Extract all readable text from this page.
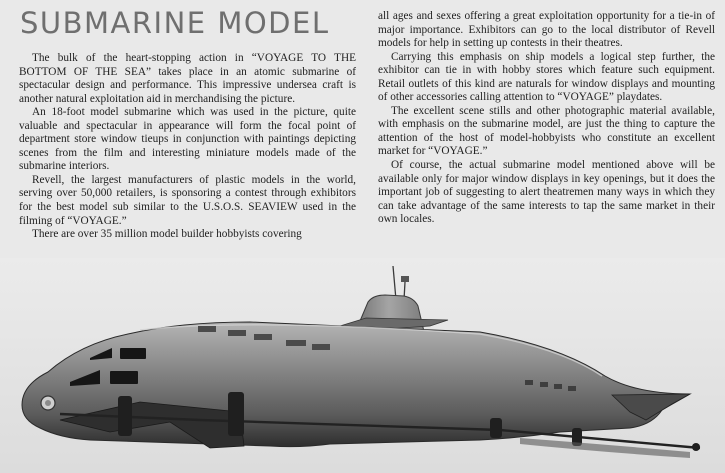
SUBMARINE MODEL

The bulk of the heart-stopping action in “VOYAGE TO THE BOTTOM OF THE SEA” takes place in an atomic submarine of spectacular design and performance. This impressive undersea craft is another natural exploitation aid in merchandising the picture.

An 18-foot model submarine which was used in the picture, quite valuable and spectacular in appearance will form the focal point of department store window tieups in conjunction with paintings depicting scenes from the film and interesting miniature models made of the submarine interiors.

Revell, the largest manufacturers of plastic models in the world, serving over 50,000 retailers, is sponsoring a contest through exhibitors for the best model sub similar to the U.S.O.S. SEAVIEW used in the filming of “VOYAGE.”

There are over 35 million model builder hobbyists covering

all ages and sexes offering a great exploitation opportunity for a tie-in of major importance. Exhibitors can go to the local distributor of Revell models for help in setting up contests in their theatres.

Carrying this emphasis on ship models a logical step further, the exhibitor can tie in with hobby stores which feature such equipment. Retail outlets of this kind are naturals for window displays and mounting of other accessories calling attention to “VOYAGE” playdates.

The excellent scene stills and other photographic material available, with emphasis on the submarine model, are just the thing to capture the attention of the host of model-hobbyists who constitute an excellent market for “VOYAGE.”

Of course, the actual submarine model mentioned above will be available only for major window displays in key openings, but it does the important job of suggesting to alert theatremen many ways in which they can take advantage of the same interests to tap the same market in their own locales.
